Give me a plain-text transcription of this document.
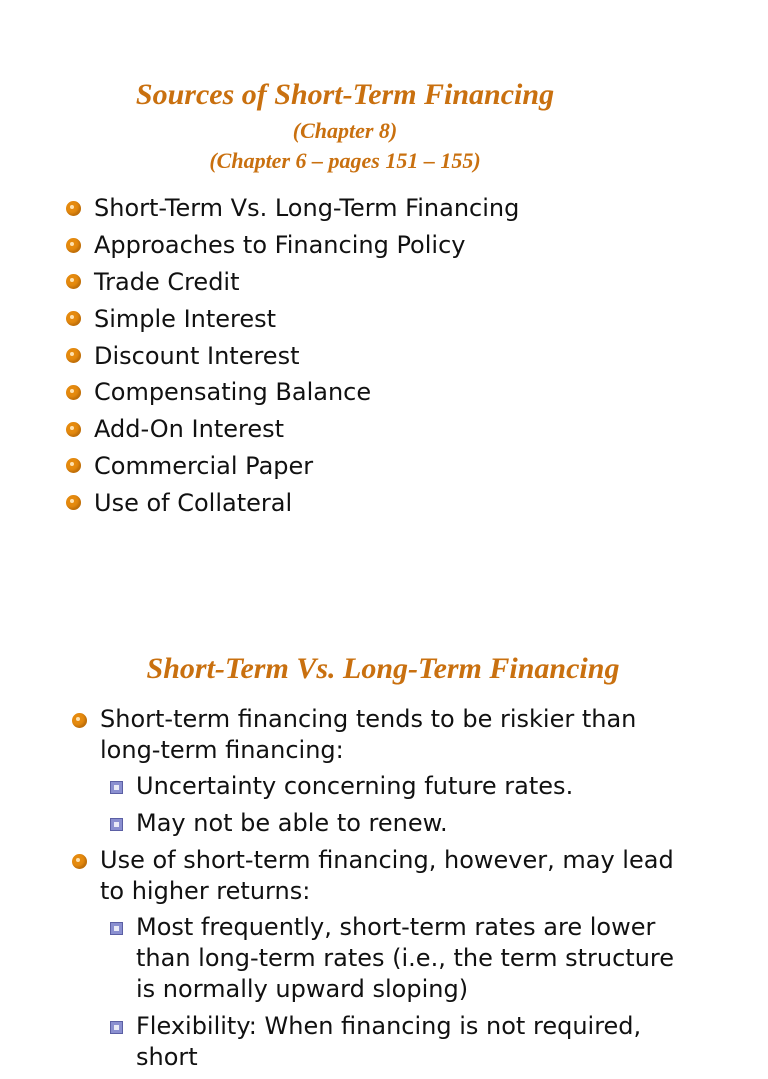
Sources of Short-Term Financing
(Chapter 8)
(Chapter 6 – pages 151 – 155)
Short-Term Vs. Long-Term Financing
Approaches to Financing Policy
Trade Credit
Simple Interest
Discount Interest
Compensating Balance
Add-On Interest
Commercial Paper
Use of Collateral
Short-Term Vs. Long-Term Financing
Short-term financing tends to be riskier than long-term financing:
Uncertainty concerning future rates.
May not be able to renew.
Use of short-term financing, however, may lead to higher returns:
Most frequently, short-term rates are lower than long-term rates (i.e., the term structure is normally upward sloping)
Flexibility: When financing is not required, short
